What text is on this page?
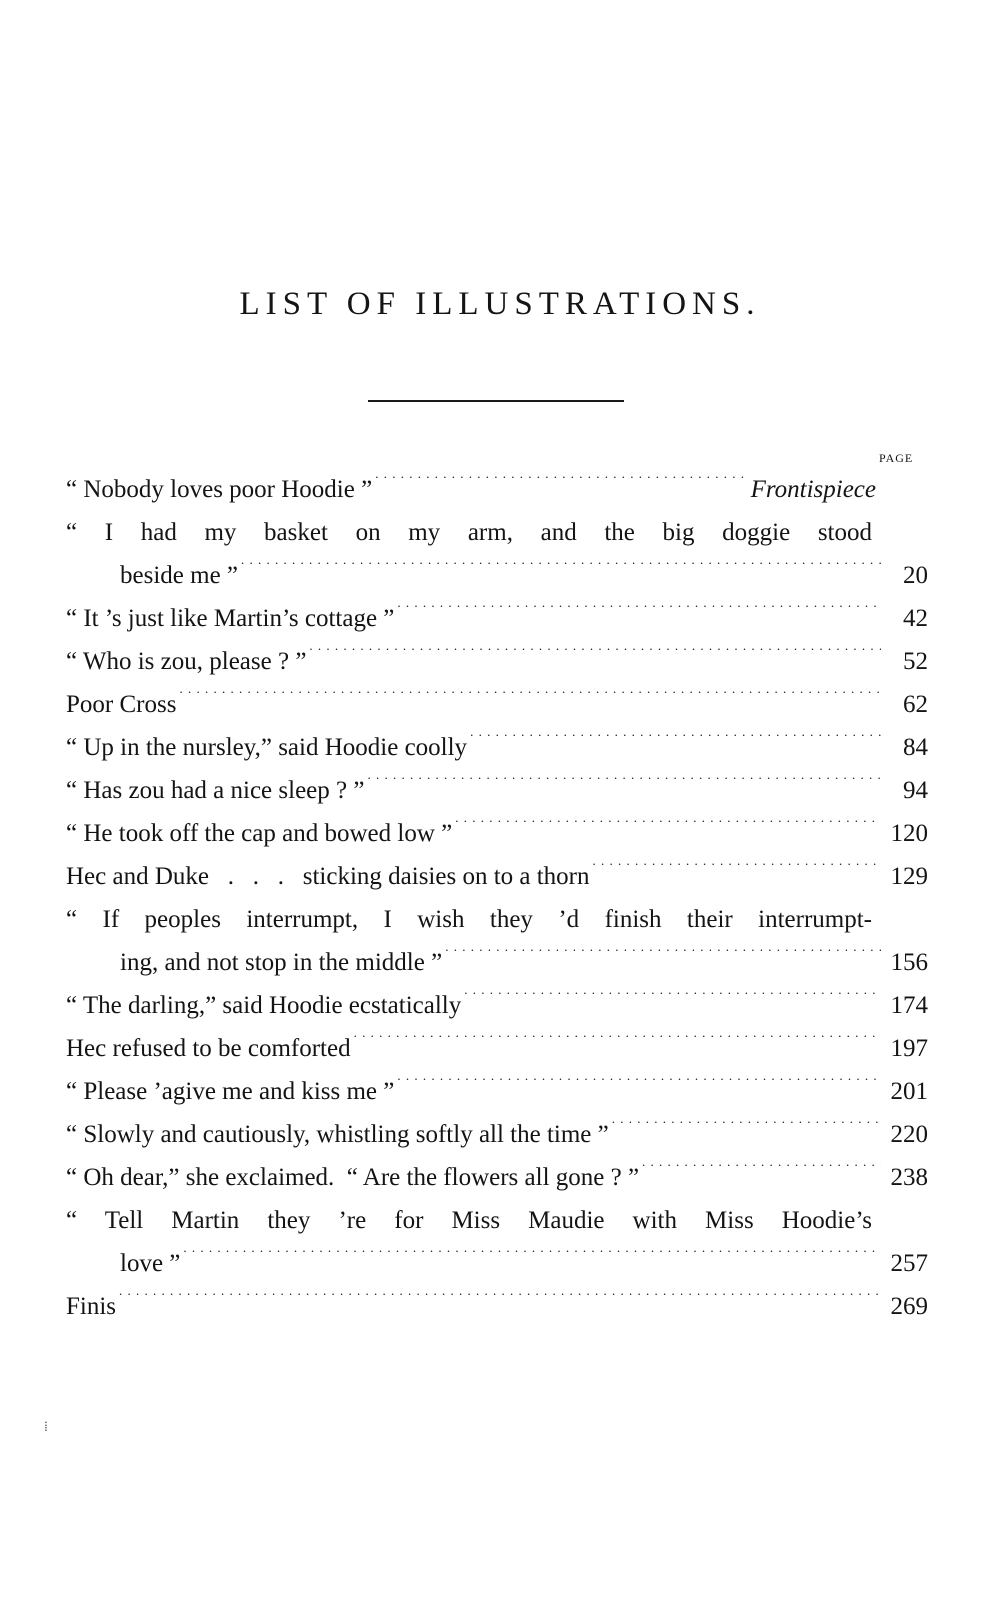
LIST OF ILLUSTRATIONS.
PAGE
“ Nobody loves poor Hoodie ” . . .	Frontispiece
“ I had my basket on my arm, and the big doggie stood
beside me ” . . .	20
“ It ’s just like Martin’s cottage ” . . .	42
“ Who is zou, please ? ” . . .	52
Poor Cross . . .	62
“ Up in the nursley,” said Hoodie coolly . . .	84
“ Has zou had a nice sleep ? ” . . .	94
“ He took off the cap and bowed low ” . . .	120
Hec and Duke   .   .   .   sticking daisies on to a thorn . . .	129
“ If peoples interrumpt, I wish they ’d finish their interrumpt-
ing, and not stop in the middle ” . . .	156
“ The darling,” said Hoodie ecstatically . . .	174
Hec refused to be comforted . . .	197
“ Please ’agive me and kiss me ” . . .	201
“ Slowly and cautiously, whistling softly all the time ” . . .	220
“ Oh dear,” she exclaimed.  “ Are the flowers all gone ? ” . . .	238
“ Tell Martin they ’re for Miss Maudie with Miss Hoodie’s
love ” . . .	257
Finis . . .	269
⁞
